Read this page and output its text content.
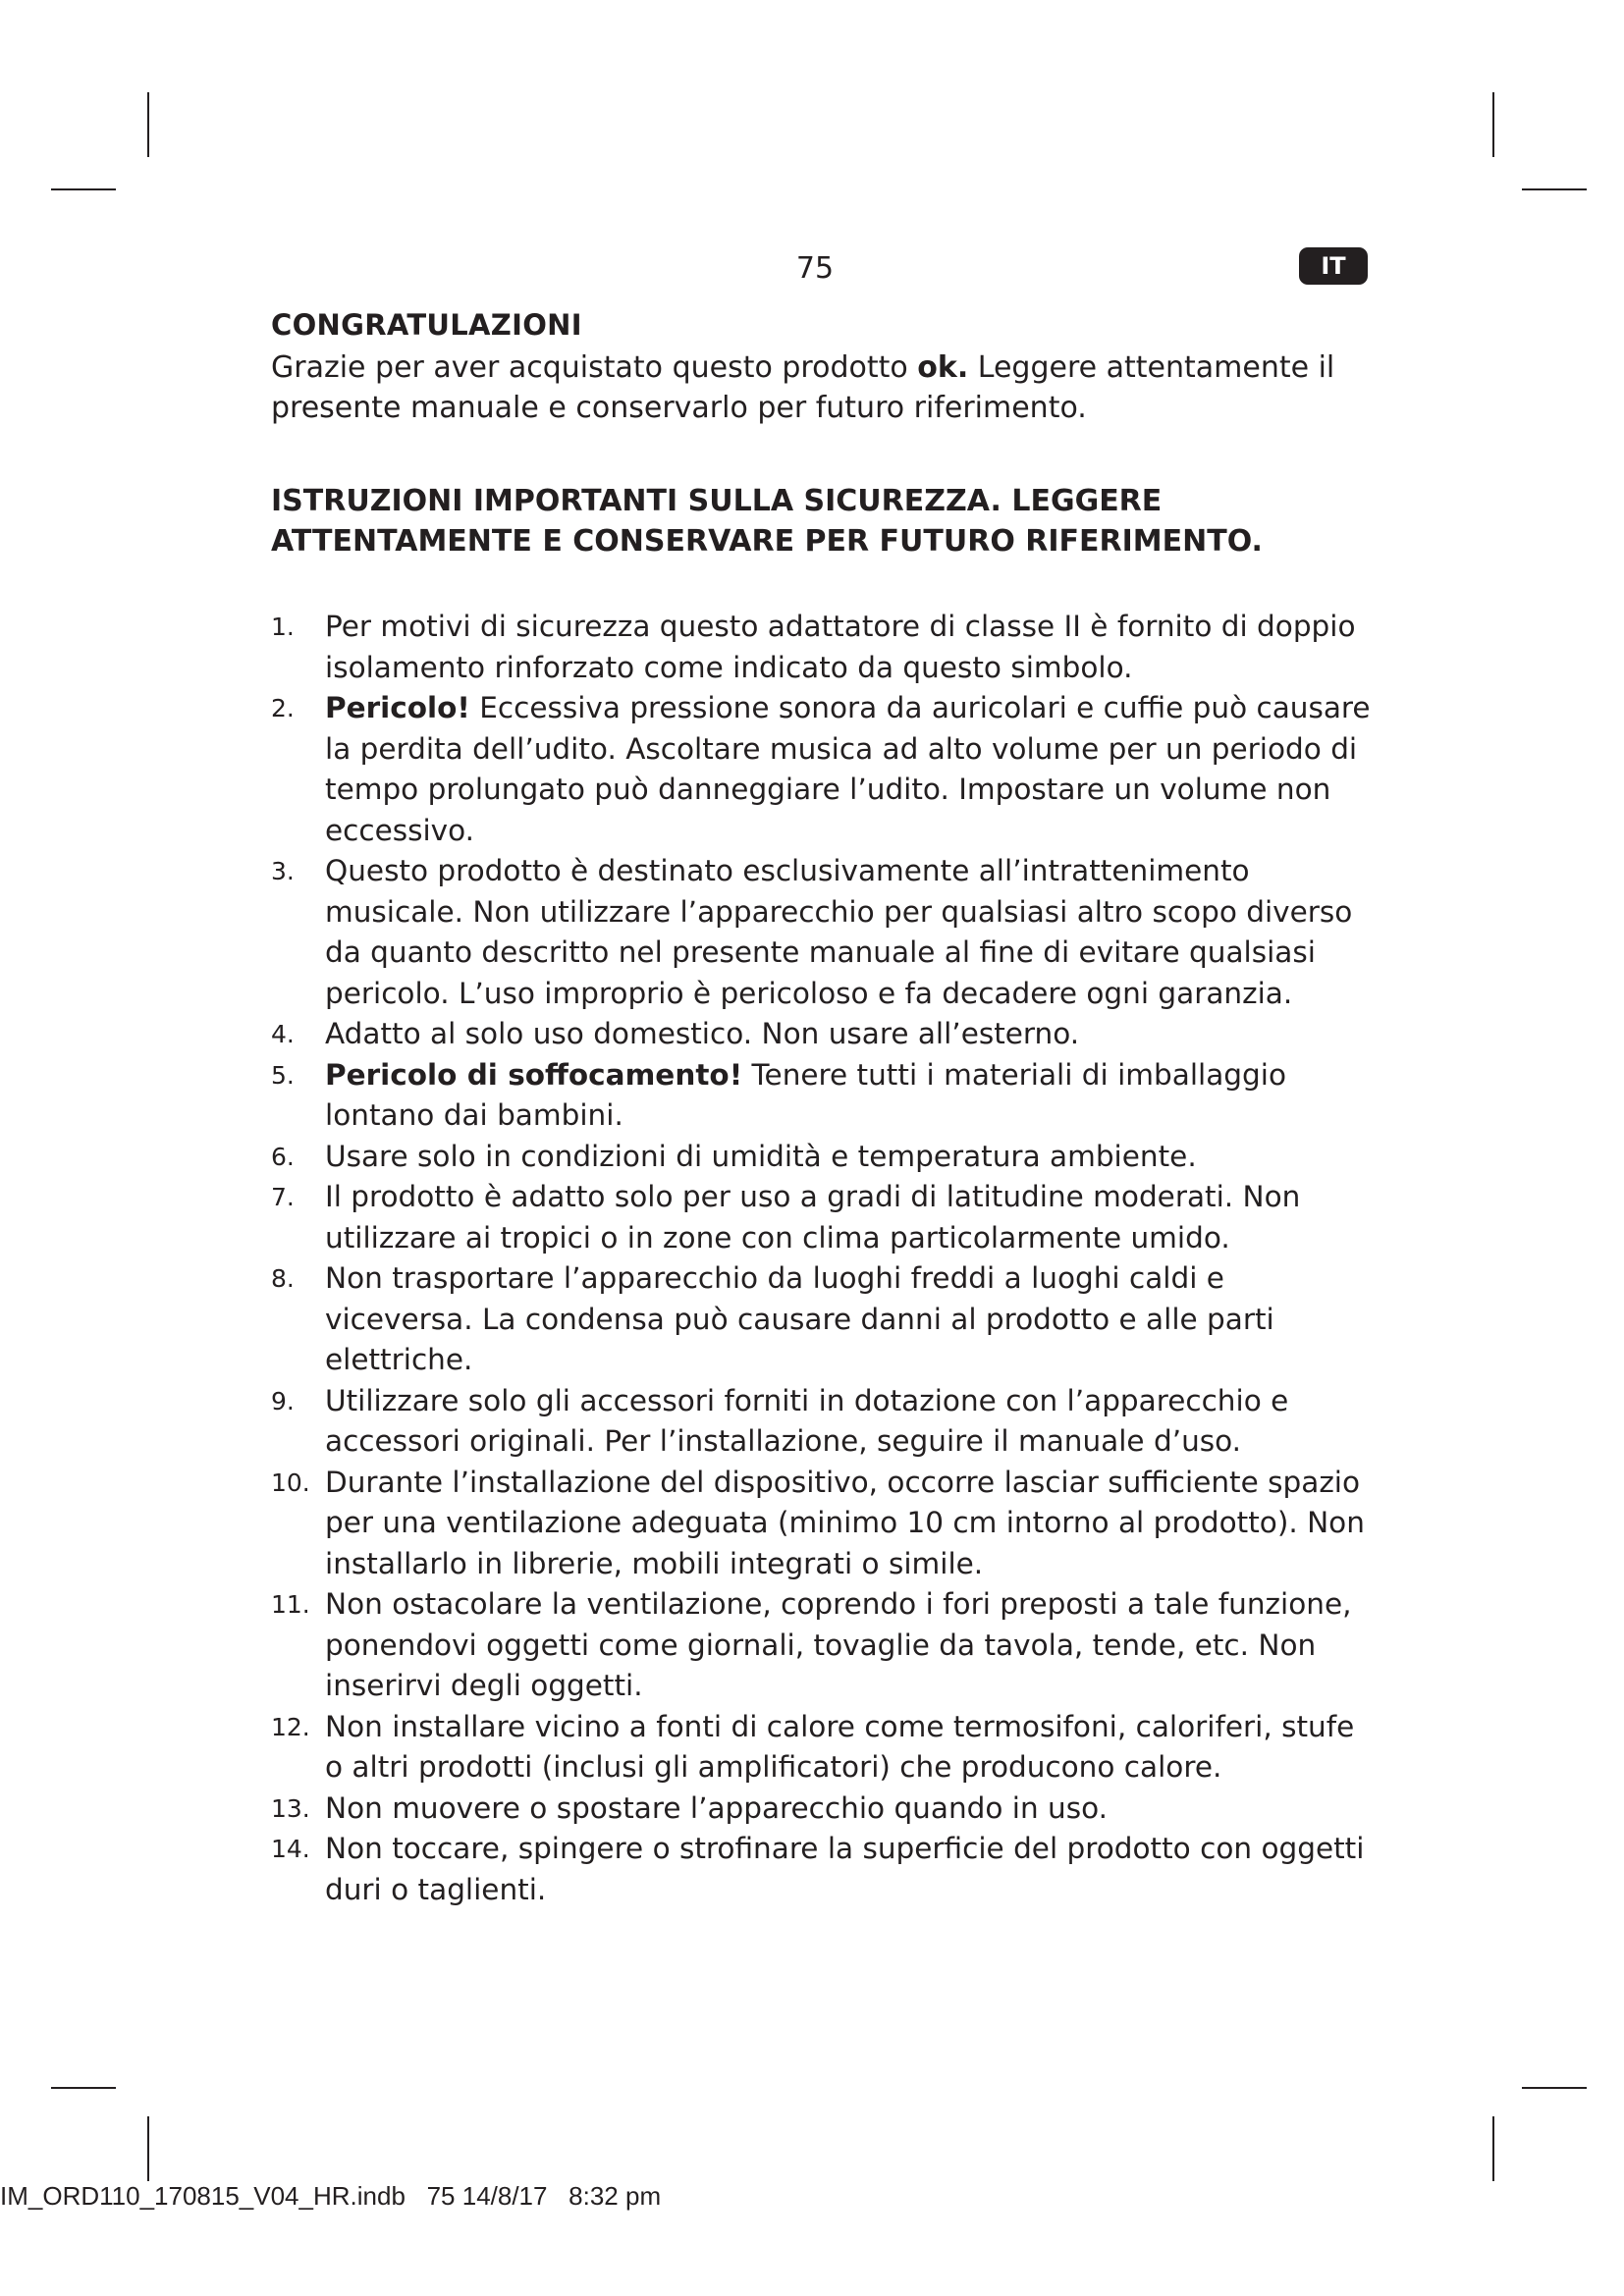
75	IT
CONGRATULAZIONI

Grazie per aver acquistato questo prodotto ok. Leggere attentamente il presente manuale e conservarlo per futuro riferimento.

ISTRUZIONI IMPORTANTI SULLA SICUREZZA. LEGGERE ATTENTAMENTE E CONSERVARE PER FUTURO RIFERIMENTO.
1. Per motivi di sicurezza questo adattatore di classe II è fornito di doppio isolamento rinforzato come indicato da questo simbolo.
2. Pericolo! Eccessiva pressione sonora da auricolari e cuffie può causare la perdita dell’udito. Ascoltare musica ad alto volume per un periodo di tempo prolungato può danneggiare l’udito. Impostare un volume non eccessivo.
3. Questo prodotto è destinato esclusivamente all’intrattenimento musicale. Non utilizzare l’apparecchio per qualsiasi altro scopo diverso da quanto descritto nel presente manuale al fine di evitare qualsiasi pericolo. L’uso improprio è pericoloso e fa decadere ogni garanzia.
4. Adatto al solo uso domestico. Non usare all’esterno.
5. Pericolo di soffocamento! Tenere tutti i materiali di imballaggio lontano dai bambini.
6. Usare solo in condizioni di umidità e temperatura ambiente.
7. Il prodotto è adatto solo per uso a gradi di latitudine moderati. Non utilizzare ai tropici o in zone con clima particolarmente umido.
8. Non trasportare l’apparecchio da luoghi freddi a luoghi caldi e viceversa. La condensa può causare danni al prodotto e alle parti elettriche.
9. Utilizzare solo gli accessori forniti in dotazione con l’apparecchio e accessori originali. Per l’installazione, seguire il manuale d’uso.
10. Durante l’installazione del dispositivo, occorre lasciar sufficiente spazio per una ventilazione adeguata (minimo 10 cm intorno al prodotto). Non installarlo in librerie, mobili integrati o simile.
11. Non ostacolare la ventilazione, coprendo i fori preposti a tale funzione, ponendovi oggetti come giornali, tovaglie da tavola, tende, etc. Non inserirvi degli oggetti.
12. Non installare vicino a fonti di calore come termosifoni, caloriferi, stufe o altri prodotti (inclusi gli amplificatori) che producono calore.
13. Non muovere o spostare l’apparecchio quando in uso.
14. Non toccare, spingere o strofinare la superficie del prodotto con oggetti duri o taglienti.
IM_ORD110_170815_V04_HR.indb 75 14/8/17 8:32 pm
